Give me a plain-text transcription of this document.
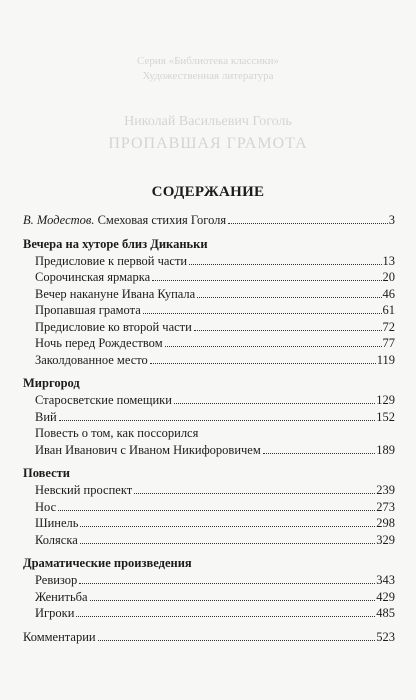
Серия «Библиотека классики»
Художественная литература
Николай Васильевич Гоголь
ПРОПАВШАЯ ГРАМОТА
СОДЕРЖАНИЕ
В. Модестов. Смеховая стихия Гоголя	3
Вечера на хуторе близ Диканьки
Предисловие к первой части	13
Сорочинская ярмарка	20
Вечер накануне Ивана Купала	46
Пропавшая грамота	61
Предисловие ко второй части	72
Ночь перед Рождеством	77
Заколдованное место	119
Миргород
Старосветские помещики	129
Вий	152
Повесть о том, как поссорился
Иван Иванович с Иваном Никифоровичем	189
Повести
Невский проспект	239
Нос	273
Шинель	298
Коляска	329
Драматические произведения
Ревизор	343
Женитьба	429
Игроки	485
Комментарии	523
